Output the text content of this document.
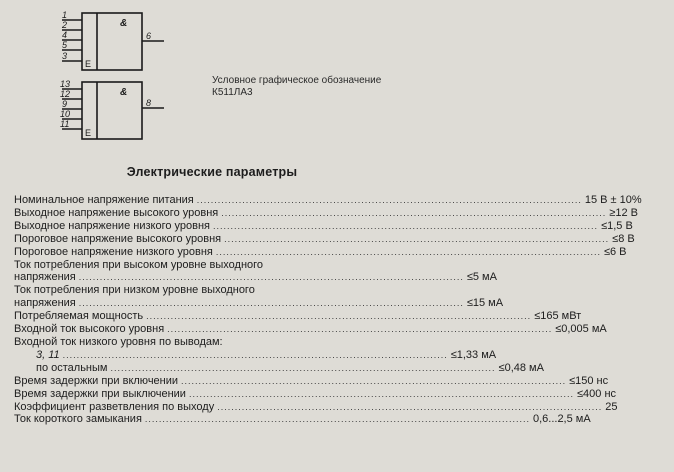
1
2
4
5
3
6
&
E
13
12
9
10
11
8
&
E
Условное графическое обозначение
К511ЛА3
Электрические параметры
Номинальное напряжение питания .............................................................................................................. 15 В ± 10%
Выходное напряжение высокого уровня .............................................................................................................. ≥12 В
Выходное напряжение низкого уровня .............................................................................................................. ≤1,5 В
Пороговое напряжение высокого уровня .............................................................................................................. ≤8 В
Пороговое напряжение низкого уровня .............................................................................................................. ≤6 В
Ток потребления при высоком уровне выходного
напряжения .............................................................................................................. ≤5 мА
Ток потребления при низком уровне выходного
напряжения .............................................................................................................. ≤15 мА
Потребляемая мощность .............................................................................................................. ≤165 мВт
Входной ток высокого уровня .............................................................................................................. ≤0,005 мА
Входной ток низкого уровня по выводам:
3, 11 .............................................................................................................. ≤1,33 мА
по остальным .............................................................................................................. ≤0,48 мА
Время задержки при включении .............................................................................................................. ≤150 нс
Время задержки при выключении .............................................................................................................. ≤400 нс
Коэффициент разветвления по выходу .............................................................................................................. 25
Ток короткого замыкания .............................................................................................................. 0,6...2,5 мА
